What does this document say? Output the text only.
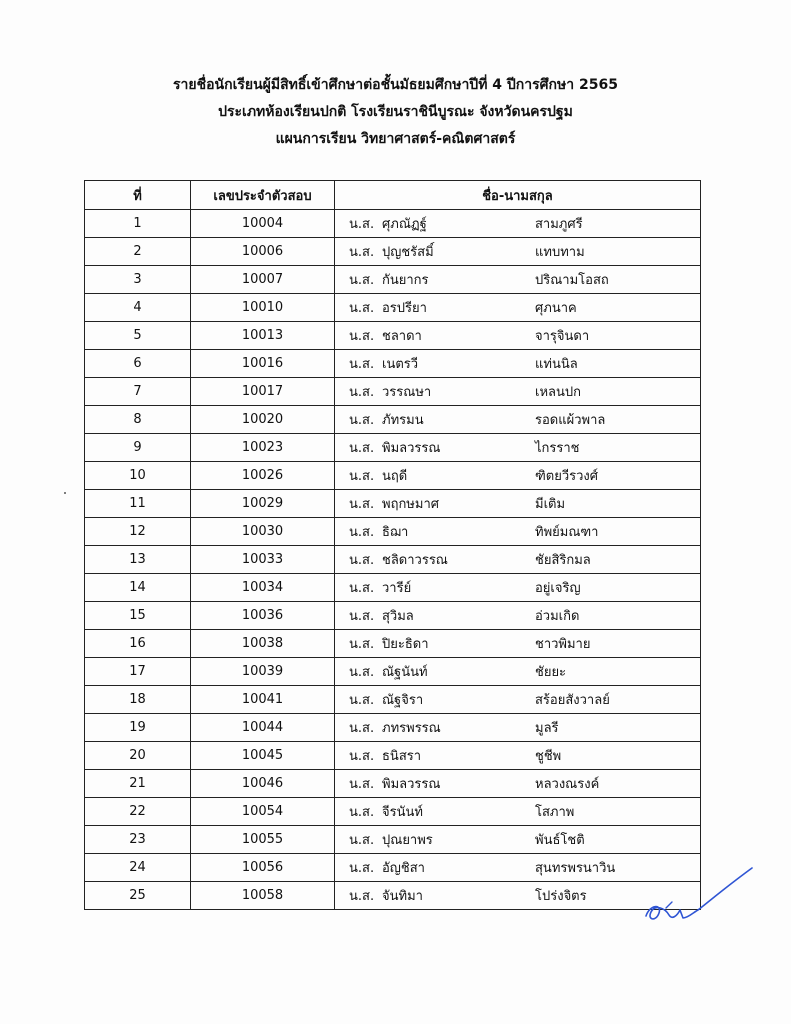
รายชื่อนักเรียนผู้มีสิทธิ์เข้าศึกษาต่อชั้นมัธยมศึกษาปีที่ 4 ปีการศึกษา 2565
ประเภทห้องเรียนปกติ โรงเรียนราชินีบูรณะ จังหวัดนครปฐม
แผนการเรียน วิทยาศาสตร์-คณิตศาสตร์
ที่	เลขประจำตัวสอบ	ชื่อ-นามสกุล
1	10004	น.ส. ศุภณัฏฐ์ สามภูศรี
2	10006	น.ส. ปุญชรัสมิ์ แทบทาม
3	10007	น.ส. กันยากร ปริณามโอสถ
4	10010	น.ส. อรปรียา ศุภนาค
5	10013	น.ส. ชลาดา จารุจินดา
6	10016	น.ส. เนตรวี แท่นนิล
7	10017	น.ส. วรรณษา เหลนปก
8	10020	น.ส. ภัทรมน รอดแผ้วพาล
9	10023	น.ส. พิมลวรรณ ไกรราช
10	10026	น.ส. นฤดี ฑิตยวีรวงศ์
11	10029	น.ส. พฤกษมาศ มีเติม
12	10030	น.ส. ธิฌา ทิพย์มณฑา
13	10033	น.ส. ชลิดาวรรณ ชัยสิริกมล
14	10034	น.ส. วารีย์ อยู่เจริญ
15	10036	น.ส. สุวิมล อ่วมเกิด
16	10038	น.ส. ปิยะธิดา ชาวพิมาย
17	10039	น.ส. ณัฐนันท์ ชัยยะ
18	10041	น.ส. ณัฐจิรา สร้อยสังวาลย์
19	10044	น.ส. ภทรพรรณ มูลรี
20	10045	น.ส. ธนิสรา ชูชีพ
21	10046	น.ส. พิมลวรรณ หลวงณรงค์
22	10054	น.ส. จีรนันท์ โสภาพ
23	10055	น.ส. ปุณยาพร พันธ์โชติ
24	10056	น.ส. อัญชิสา สุนทรพรนาวิน
25	10058	น.ส. จันทิมา โปร่งจิตร
